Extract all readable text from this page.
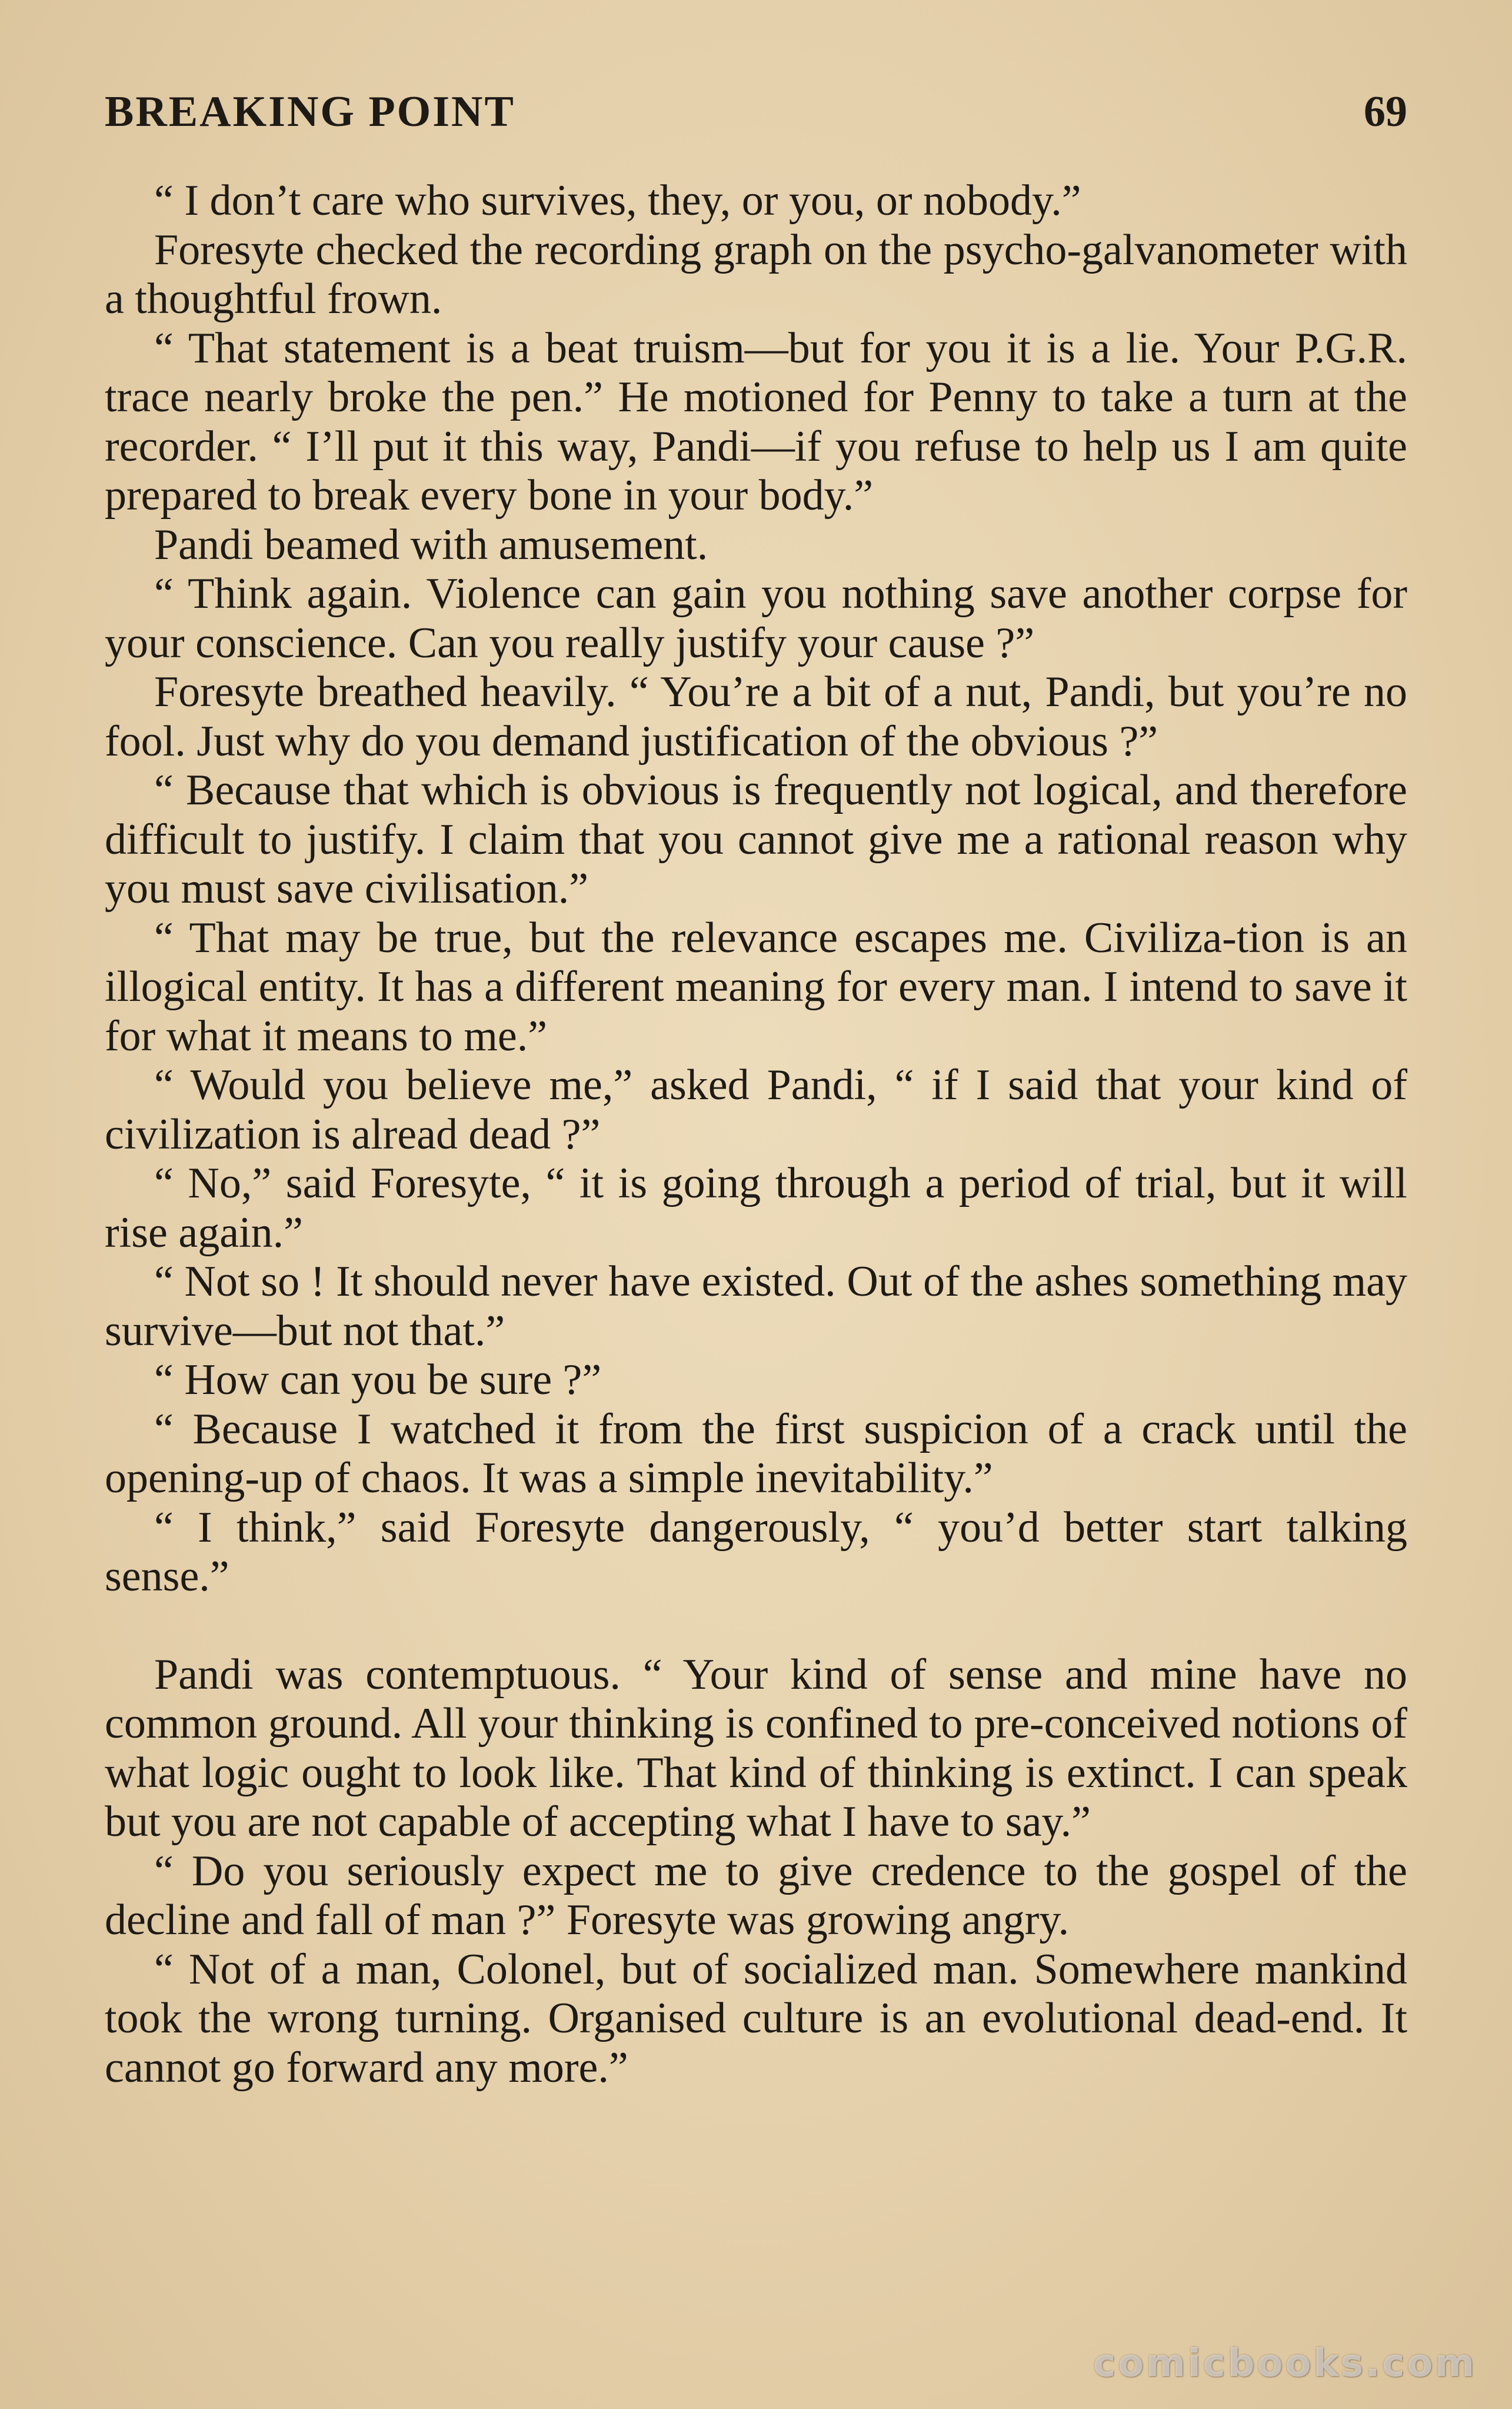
BREAKING POINT	69

“ I don’t care who survives, they, or you, or nobody.”

Foresyte checked the recording graph on the psycho-galvanometer with a thoughtful frown.

“ That statement is a beat truism—but for you it is a lie. Your P.G.R. trace nearly broke the pen.” He motioned for Penny to take a turn at the recorder. “ I’ll put it this way, Pandi—if you refuse to help us I am quite prepared to break every bone in your body.”

Pandi beamed with amusement.

“ Think again. Violence can gain you nothing save another corpse for your conscience. Can you really justify your cause ?”

Foresyte breathed heavily. “ You’re a bit of a nut, Pandi, but you’re no fool. Just why do you demand justification of the obvious ?”

“ Because that which is obvious is frequently not logical, and therefore difficult to justify. I claim that you cannot give me a rational reason why you must save civilisation.”

“ That may be true, but the relevance escapes me. Civiliza-tion is an illogical entity. It has a different meaning for every man. I intend to save it for what it means to me.”

“ Would you believe me,” asked Pandi, “ if I said that your kind of civilization is alread dead ?”

“ No,” said Foresyte, “ it is going through a period of trial, but it will rise again.”

“ Not so ! It should never have existed. Out of the ashes something may survive—but not that.”

“ How can you be sure ?”

“ Because I watched it from the first suspicion of a crack until the opening-up of chaos. It was a simple inevitability.”

“ I think,” said Foresyte dangerously, “ you’d better start talking sense.”

Pandi was contemptuous. “ Your kind of sense and mine have no common ground. All your thinking is confined to pre-conceived notions of what logic ought to look like. That kind of thinking is extinct. I can speak but you are not capable of accepting what I have to say.”

“ Do you seriously expect me to give credence to the gospel of the decline and fall of man ?” Foresyte was growing angry.

“ Not of a man, Colonel, but of socialized man. Somewhere mankind took the wrong turning. Organised culture is an evolutional dead-end. It cannot go forward any more.”

comicbooks.com
